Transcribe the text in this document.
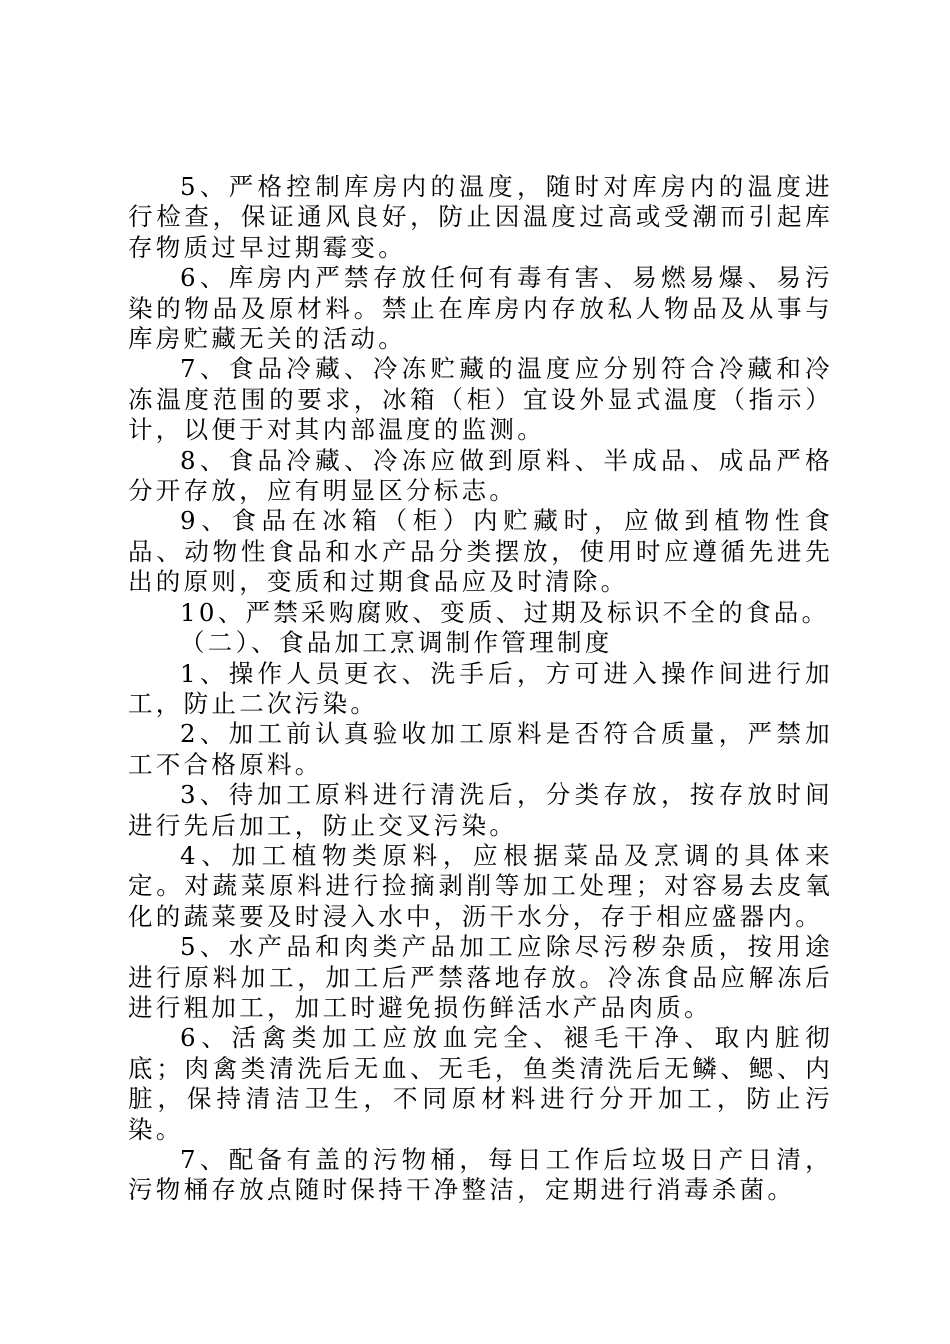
5、严格控制库房内的温度，随时对库房内的温度进行检查，保证通风良好，防止因温度过高或受潮而引起库存物质过早过期霉变。

6、库房内严禁存放任何有毒有害、易燃易爆、易污染的物品及原材料。禁止在库房内存放私人物品及从事与库房贮藏无关的活动。

7、食品冷藏、冷冻贮藏的温度应分别符合冷藏和冷冻温度范围的要求，冰箱（柜）宜设外显式温度（指示）计，以便于对其内部温度的监测。

8、食品冷藏、冷冻应做到原料、半成品、成品严格分开存放，应有明显区分标志。

9、食品在冰箱（柜）内贮藏时，应做到植物性食品、动物性食品和水产品分类摆放，使用时应遵循先进先出的原则，变质和过期食品应及时清除。

10、严禁采购腐败、变质、过期及标识不全的食品。

（二）、食品加工烹调制作管理制度

1、操作人员更衣、洗手后，方可进入操作间进行加工，防止二次污染。

2、加工前认真验收加工原料是否符合质量，严禁加工不合格原料。

3、待加工原料进行清洗后，分类存放，按存放时间进行先后加工，防止交叉污染。

4、加工植物类原料，应根据菜品及烹调的具体来定。对蔬菜原料进行捡摘剥削等加工处理；对容易去皮氧化的蔬菜要及时浸入水中，沥干水分，存于相应盛器内。

5、水产品和肉类产品加工应除尽污秽杂质，按用途进行原料加工，加工后严禁落地存放。冷冻食品应解冻后进行粗加工，加工时避免损伤鲜活水产品肉质。

6、活禽类加工应放血完全、褪毛干净、取内脏彻底；肉禽类清洗后无血、无毛，鱼类清洗后无鳞、鳃、内脏，保持清洁卫生，不同原材料进行分开加工，防止污染。

7、配备有盖的污物桶，每日工作后垃圾日产日清，污物桶存放点随时保持干净整洁，定期进行消毒杀菌。
